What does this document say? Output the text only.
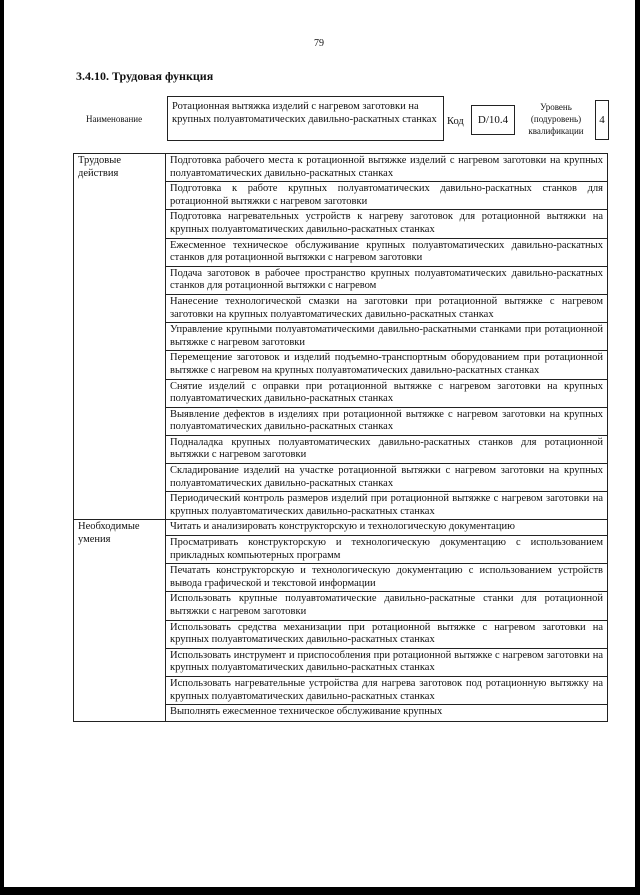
79
3.4.10. Трудовая функция
Наименование
Ротационная вытяжка изделий с нагревом заготовки на крупных полуавтоматических давильно-раскатных станках Код	D/10.4
Уровень (подуровень) квалификации
4
Трудовые действия	Подготовка рабочего места к ротационной вытяжке изделий с нагревом заготовки на крупных полуавтоматических давильно-раскатных станках
	Подготовка к работе крупных полуавтоматических давильно-раскатных станков для ротационной вытяжки с нагревом заготовки
	Подготовка нагревательных устройств к нагреву заготовок для ротационной вытяжки на крупных полуавтоматических давильно-раскатных станках
	Ежесменное техническое обслуживание крупных полуавтоматических давильно-раскатных станков для ротационной вытяжки с нагревом заготовки
	Подача заготовок в рабочее пространство крупных полуавтоматических давильно-раскатных станков для ротационной вытяжки с нагревом
	Нанесение технологической смазки на заготовки при ротационной вытяжке с нагревом заготовки на крупных полуавтоматических давильно-раскатных станках
	Управление крупными полуавтоматическими давильно-раскатными станками при ротационной вытяжке с нагревом заготовки
	Перемещение заготовок и изделий подъемно-транспортным оборудованием при ротационной вытяжке с нагревом на крупных полуавтоматических давильно-раскатных станках
	Снятие изделий с оправки при ротационной вытяжке с нагревом заготовки на крупных полуавтоматических давильно-раскатных станках
	Выявление дефектов в изделиях при ротационной вытяжке с нагревом заготовки на крупных полуавтоматических давильно-раскатных станках
	Подналадка крупных полуавтоматических давильно-раскатных станков для ротационной вытяжки с нагревом заготовки
	Складирование изделий на участке ротационной вытяжки с нагревом заготовки на крупных полуавтоматических давильно-раскатных станках
	Периодический контроль размеров изделий при ротационной вытяжке с нагревом заготовки на крупных полуавтоматических давильно-раскатных станках
Необходимые умения	Читать и анализировать конструкторскую и технологическую документацию
	Просматривать конструкторскую и технологическую документацию с использованием прикладных компьютерных программ
	Печатать конструкторскую и технологическую документацию с использованием устройств вывода графической и текстовой информации
	Использовать крупные полуавтоматические давильно-раскатные станки для ротационной вытяжки с нагревом заготовки
	Использовать средства механизации при ротационной вытяжке с нагревом заготовки на крупных полуавтоматических давильно-раскатных станках
	Использовать инструмент и приспособления при ротационной вытяжке с нагревом заготовки на крупных полуавтоматических давильно-раскатных станках
	Использовать нагревательные устройства для нагрева заготовок под ротационную вытяжку на крупных полуавтоматических давильно-раскатных станках
	Выполнять ежесменное техническое обслуживание крупных
